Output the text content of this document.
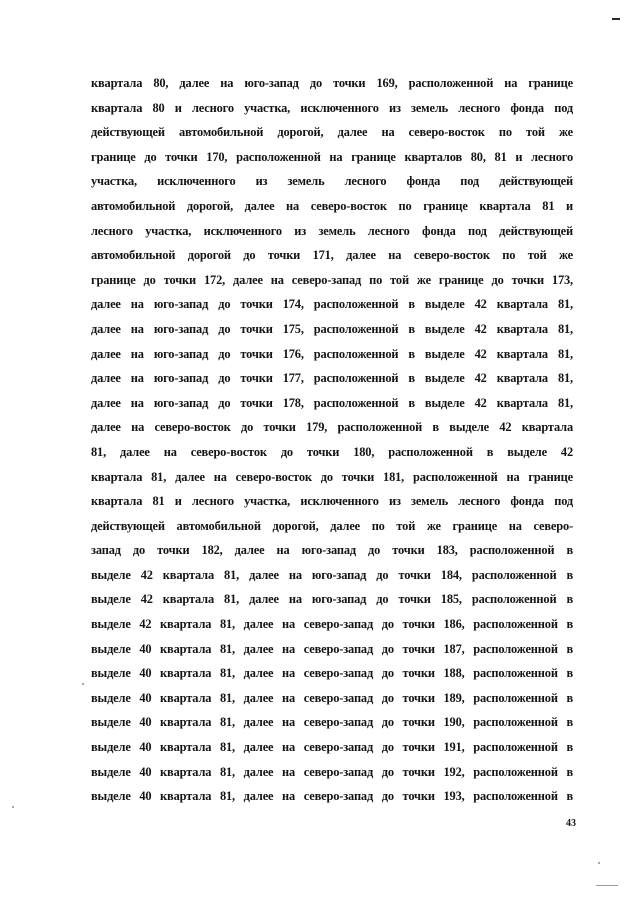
квартала 80, далее на юго-запад до точки 169, расположенной на границе
квартала 80 и лесного участка, исключенного из земель лесного фонда под
действующей автомобильной дорогой, далее на северо-восток по той же
границе до точки 170, расположенной на границе кварталов 80, 81 и лесного
участка, исключенного из земель лесного фонда под действующей
автомобильной дорогой, далее на северо-восток по границе квартала 81 и
лесного участка, исключенного из земель лесного фонда под действующей
автомобильной дорогой до точки 171, далее на северо-восток по той же
границе до точки 172, далее на северо-запад по той же границе до точки 173,
далее на юго-запад до точки 174, расположенной в выделе 42 квартала 81,
далее на юго-запад до точки 175, расположенной в выделе 42 квартала 81,
далее на юго-запад до точки 176, расположенной в выделе 42 квартала 81,
далее на юго-запад до точки 177, расположенной в выделе 42 квартала 81,
далее на юго-запад до точки 178, расположенной в выделе 42 квартала 81,
далее на северо-восток до точки 179, расположенной в выделе 42 квартала
81, далее на северо-восток до точки 180, расположенной в выделе 42
квартала 81, далее на северо-восток до точки 181, расположенной на границе
квартала 81 и лесного участка, исключенного из земель лесного фонда под
действующей автомобильной дорогой, далее по той же границе на северо-
запад до точки 182, далее на юго-запад до точки 183, расположенной в
выделе 42 квартала 81, далее на юго-запад до точки 184, расположенной в
выделе 42 квартала 81, далее на юго-запад до точки 185, расположенной в
выделе 42 квартала 81, далее на северо-запад до точки 186, расположенной в
выделе 40 квартала 81, далее на северо-запад до точки 187, расположенной в
выделе 40 квартала 81, далее на северо-запад до точки 188, расположенной в
выделе 40 квартала 81, далее на северо-запад до точки 189, расположенной в
выделе 40 квартала 81, далее на северо-запад до точки 190, расположенной в
выделе 40 квартала 81, далее на северо-запад до точки 191, расположенной в
выделе 40 квартала 81, далее на северо-запад до точки 192, расположенной в
выделе 40 квартала 81, далее на северо-запад до точки 193, расположенной в
43
